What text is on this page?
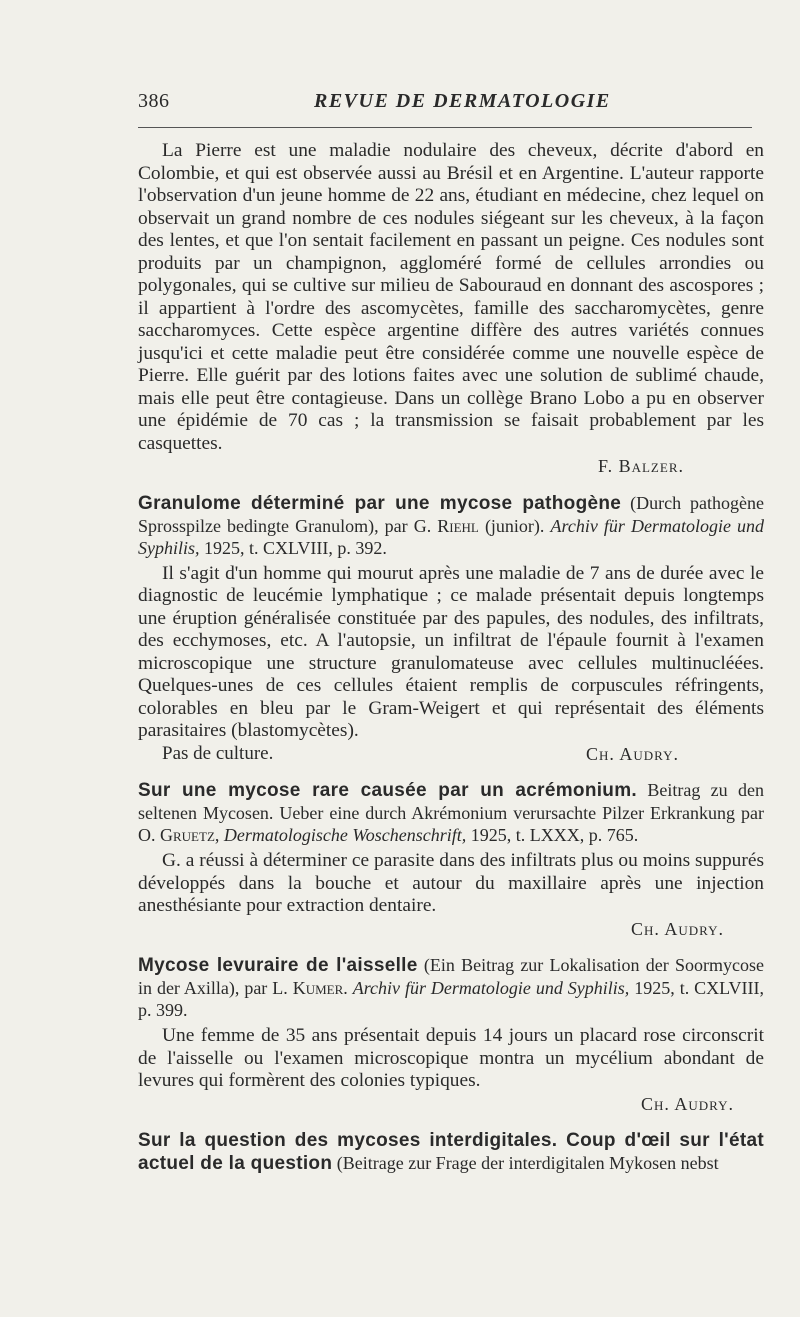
386	REVUE DE DERMATOLOGIE

La Pierre est une maladie nodulaire des cheveux, décrite d'abord en Colombie, et qui est observée aussi au Brésil et en Argentine. L'auteur rapporte l'observation d'un jeune homme de 22 ans, étudiant en médecine, chez lequel on observait un grand nombre de ces nodules siégeant sur les cheveux, à la façon des lentes, et que l'on sentait facilement en passant un peigne. Ces nodules sont produits par un champignon, aggloméré formé de cellules arrondies ou polygonales, qui se cultive sur milieu de Sabouraud en donnant des ascospores ; il appartient à l'ordre des ascomycètes, famille des saccharomycètes, genre saccharomyces. Cette espèce argentine diffère des autres variétés connues jusqu'ici et cette maladie peut être considérée comme une nouvelle espèce de Pierre. Elle guérit par des lotions faites avec une solution de sublimé chaude, mais elle peut être contagieuse. Dans un collège Brano Lobo a pu en observer une épidémie de 70 cas ; la transmission se faisait probablement par les casquettes.

F. Balzer.

Granulome déterminé par une mycose pathogène (Durch pathogène Sprosspilze bedingte Granulom), par G. Riehl (junior). Archiv für Dermatologie und Syphilis, 1925, t. CXLVIII, p. 392.

Il s'agit d'un homme qui mourut après une maladie de 7 ans de durée avec le diagnostic de leucémie lymphatique ; ce malade présentait depuis longtemps une éruption généralisée constituée par des papules, des nodules, des infiltrats, des ecchymoses, etc. A l'autopsie, un infiltrat de l'épaule fournit à l'examen microscopique une structure granulomateuse avec cellules multinucléées. Quelques-unes de ces cellules étaient remplis de corpuscules réfringents, colorables en bleu par le Gram-Weigert et qui représentait des éléments parasitaires (blastomycètes).

Pas de culture.	Ch. Audry.

Sur une mycose rare causée par un acrémonium. Beitrag zu den seltenen Mycosen. Ueber eine durch Akrémonium verursachte Pilzer Erkrankung par O. Gruetz, Dermatologische Woschenschrift, 1925, t. LXXX, p. 765.

G. a réussi à déterminer ce parasite dans des infiltrats plus ou moins suppurés développés dans la bouche et autour du maxillaire après une injection anesthésiante pour extraction dentaire.

Ch. Audry.

Mycose levuraire de l'aisselle (Ein Beitrag zur Lokalisation der Soormycose in der Axilla), par L. Kumer. Archiv für Dermatologie und Syphilis, 1925, t. CXLVIII, p. 399.

Une femme de 35 ans présentait depuis 14 jours un placard rose circonscrit de l'aisselle ou l'examen microscopique montra un mycélium abondant de levures qui formèrent des colonies typiques.

Ch. Audry.

Sur la question des mycoses interdigitales. Coup d'œil sur l'état actuel de la question (Beitrage zur Frage der interdigitalen Mykosen nebst
